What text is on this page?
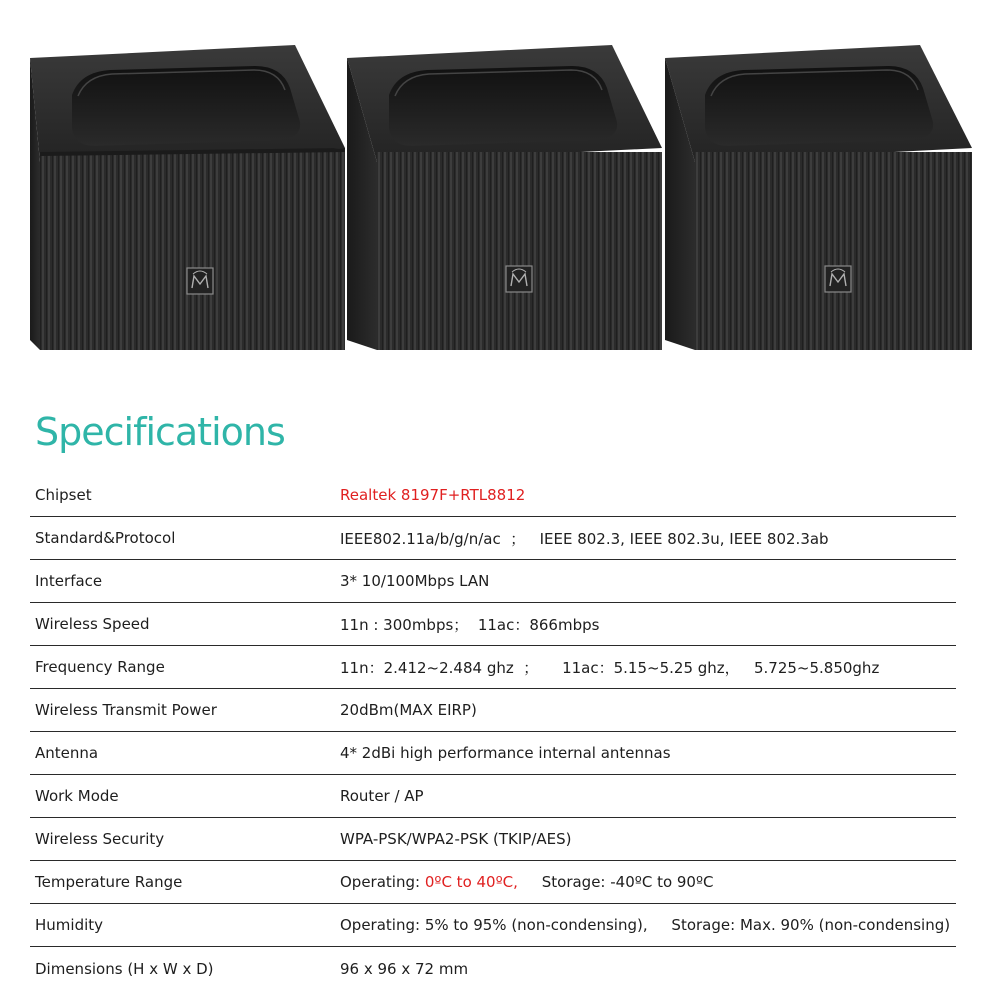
Specifications
Chipset	Realtek 8197F+RTL8812
Standard&Protocol	IEEE802.11a/b/g/n/ac  ；   IEEE 802.3, IEEE 802.3u, IEEE 802.3ab
Interface	3* 10/100Mbps LAN
Wireless Speed	11n : 300mbps；  11ac：866mbps
Frequency Range	11n：2.412~2.484 ghz  ；     11ac：5.15~5.25 ghz，   5.725~5.850ghz
Wireless Transmit Power	20dBm(MAX EIRP)
Antenna	4* 2dBi high performance internal antennas
Work Mode	Router / AP
Wireless Security	WPA-PSK/WPA2-PSK (TKIP/AES)
Temperature Range	Operating: 0ºC to 40ºC,     Storage: -40ºC to 90ºC
Humidity	Operating: 5% to 95% (non-condensing),     Storage: Max. 90% (non-condensing)
Dimensions (H x W x D)	96 x 96 x 72 mm
